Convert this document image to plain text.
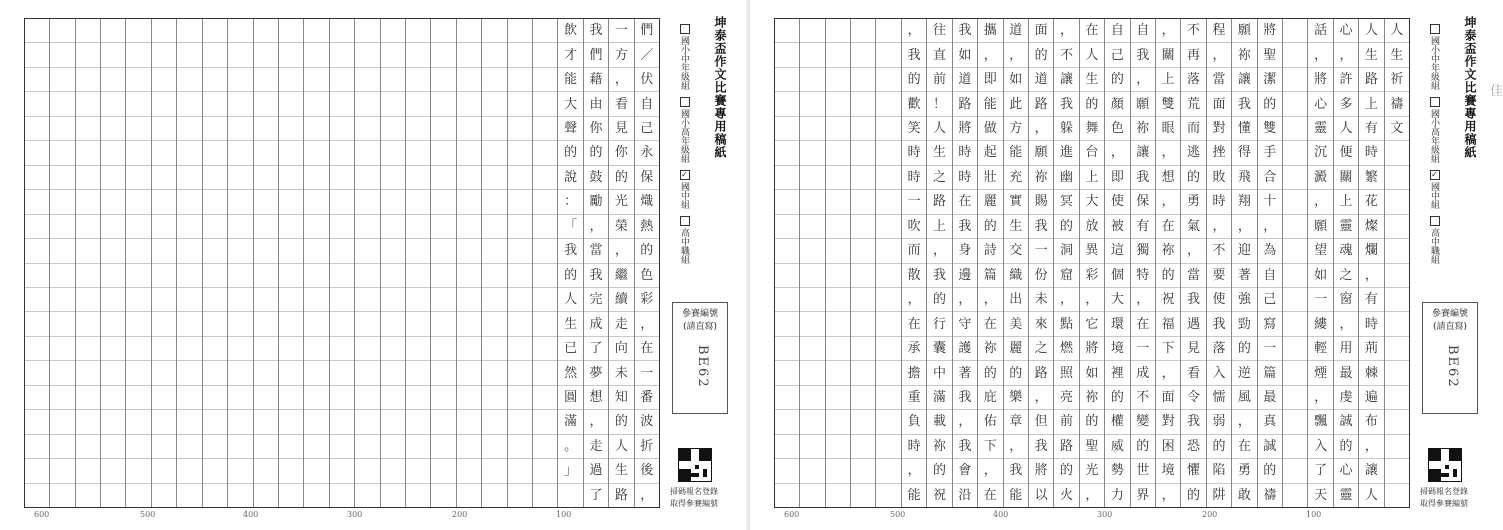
們
／
伏
自
己
永
保
熾
熱
的
色
彩
，
在
一
番
波
折
後
，
一
方
，
看
見
你
的
光
榮
，
繼
續
走
向
未
知
的
人
生
路
我
們
藉
由
你
的
鼓
勵
，
當
我
完
成
了
夢
想
，
走
過
了
飲
才
能
大
聲
的
說
：
「
我
的
人
生
已
然
圓
滿
。
」
坤泰盃作文比賽專用稿紙
國小中年級組
國小高年級組
✓
國中組
高中職組
參賽編號
(請直寫)
BE62
掃碼報名登錄
取得參賽編號
人
生
祈
禱
文
人
生
路
上
有
時
繁
花
燦
爛
，
有
時
荊
棘
遍
布
，
讓
人
心
，
許
多
人
便
關
上
靈
魂
之
窗
，
用
最
虔
誠
的
心
靈
話
，
將
心
靈
沉
澱
，
願
望
如
一
縷
輕
煙
，
飄
入
了
天
將
聖
潔
的
雙
手
合
十
，
為
自
己
寫
一
篇
最
真
誠
的
禱
願
祢
讓
我
懂
得
飛
翔
，
迎
著
強
勁
的
逆
風
，
在
勇
敢
程
，
當
面
對
挫
敗
時
，
不
要
使
我
落
入
懦
弱
的
陷
阱
不
再
落
荒
而
逃
的
勇
氣
，
當
我
遇
見
看
令
我
恐
懼
的
，
關
上
雙
眼
，
想
，
在
祢
的
祝
福
下
，
面
對
困
境
，
自
我
，
願
祢
讓
我
保
有
獨
特
，
在
一
成
不
變
的
世
界
自
己
的
顏
色
，
即
使
被
這
個
大
環
境
裡
的
權
威
勢
力
在
人
生
的
舞
台
上
大
放
異
彩
，
它
將
如
祢
的
聖
光
，
，
不
讓
我
躲
進
幽
冥
的
洞
窟
，
點
燃
照
亮
前
路
的
火
面
的
道
路
，
願
祢
賜
我
一
份
未
來
之
路
，
但
我
將
以
道
，
如
此
方
能
充
實
生
交
織
出
美
麗
的
樂
章
，
我
能
攜
，
即
能
做
起
壯
麗
的
詩
篇
，
在
祢
的
庇
佑
下
，
在
我
如
道
路
將
時
時
在
我
身
邊
，
守
護
著
我
，
我
會
沿
往
直
前
！
人
生
之
路
上
，
我
的
行
囊
中
滿
載
祢
的
祝
，
我
的
歡
笑
時
時
一
吹
而
散
，
在
承
擔
重
負
時
，
能
坤泰盃作文比賽專用稿紙
國小中年級組
國小高年級組
✓
國中組
高中職組
佳
參賽編號
(請直寫)
BE62
掃碼報名登錄
取得參賽編號
600	500	400	300	200	100	600	500	400	300	200	100
